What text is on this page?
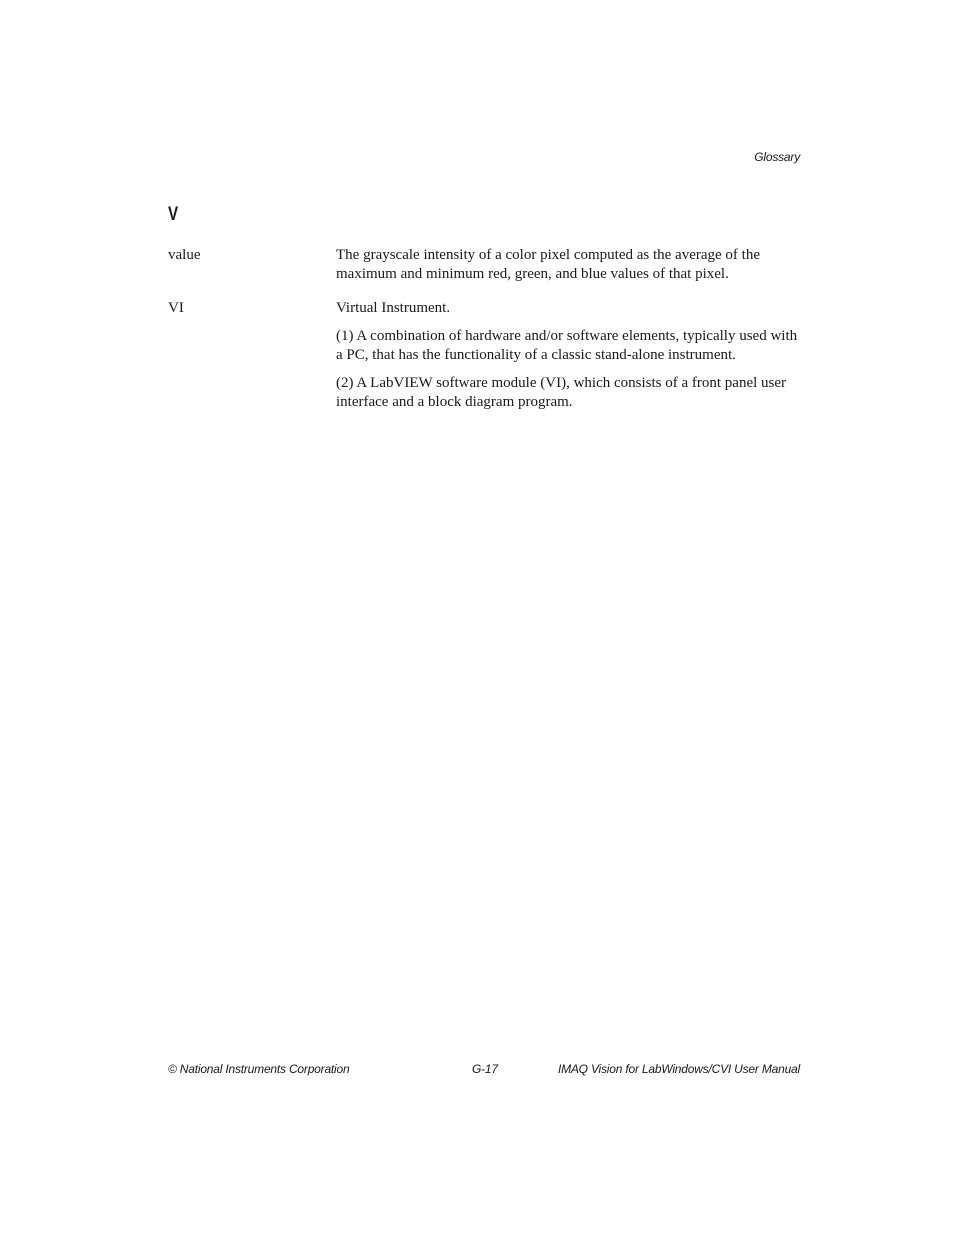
Glossary
V
value	The grayscale intensity of a color pixel computed as the average of the maximum and minimum red, green, and blue values of that pixel.

VI	Virtual Instrument.

(1) A combination of hardware and/or software elements, typically used with a PC, that has the functionality of a classic stand-alone instrument.

(2) A LabVIEW software module (VI), which consists of a front panel user interface and a block diagram program.

© National Instruments Corporation	G-17	IMAQ Vision for LabWindows/CVI User Manual
